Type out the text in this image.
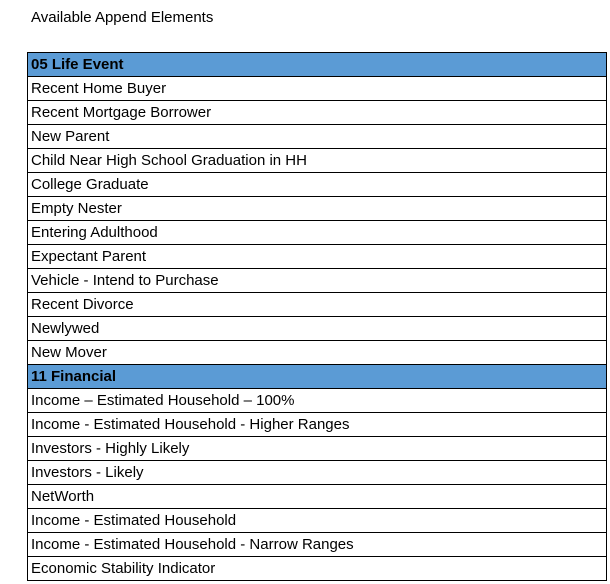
Available Append Elements
05 Life Event
Recent Home Buyer
Recent Mortgage Borrower
New Parent
Child Near High School Graduation in HH
College Graduate
Empty Nester
Entering Adulthood
Expectant Parent
Vehicle - Intend to Purchase
Recent Divorce
Newlywed
New Mover
11 Financial
Income – Estimated Household – 100%
Income - Estimated Household - Higher Ranges
Investors - Highly Likely
Investors - Likely
NetWorth
Income - Estimated Household
Income - Estimated Household - Narrow Ranges
Economic Stability Indicator
